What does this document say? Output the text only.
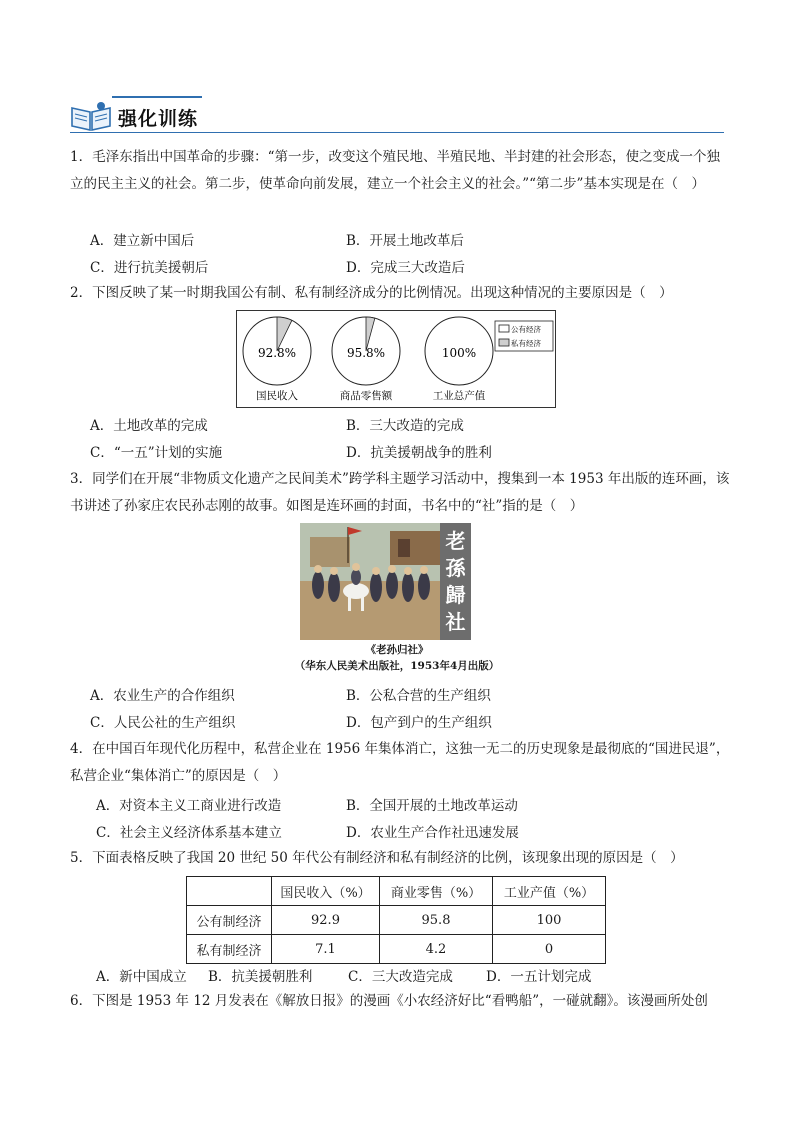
强化训练
1．毛泽东指出中国革命的步骤：“第一步，改变这个殖民地、半殖民地、半封建的社会形态，使之变成一个独立的民主主义的社会。第二步，使革命向前发展，建立一个社会主义的社会。”“第二步”基本实现是在（　）
A．建立新中国后	B．开展土地改革后
C．进行抗美援朝后	D．完成三大改造后
2．下图反映了某一时期我国公有制、私有制经济成分的比例情况。出现这种情况的主要原因是（　）
92.8%
国民收入
95.8%
商品零售额
100%
工业总产值
公有经济
私有经济
A．土地改革的完成	B．三大改造的完成
C．“一五”计划的实施	D．抗美援朝战争的胜利
3．同学们在开展“非物质文化遗产之民间美术”跨学科主题学习活动中，搜集到一本 1953 年出版的连环画，该书讲述了孙家庄农民孙志刚的故事。如图是连环画的封面，书名中的“社”指的是（　）
老
孫
歸
社
《老孙归社》
（华东人民美术出版社，1953年4月出版）
A．农业生产的合作组织	B．公私合营的生产组织
C．人民公社的生产组织	D．包产到户的生产组织
4．在中国百年现代化历程中，私营企业在 1956 年集体消亡，这独一无二的历史现象是最彻底的“国进民退”，私营企业“集体消亡”的原因是（　）
A．对资本主义工商业进行改造	B．全国开展的土地改革运动
C．社会主义经济体系基本建立	D．农业生产合作社迅速发展
5．下面表格反映了我国 20 世纪 50 年代公有制经济和私有制经济的比例，该现象出现的原因是（　）
	国民收入（%）	商业零售（%）	工业产值（%）
公有制经济	92.9	95.8	100
私有制经济	7.1	4.2	0
A．新中国成立 B．抗美援朝胜利	C．三大改造完成 D．一五计划完成
6．下图是 1953 年 12 月发表在《解放日报》的漫画《小农经济好比“看鸭船”，一碰就翻》。该漫画所处创
